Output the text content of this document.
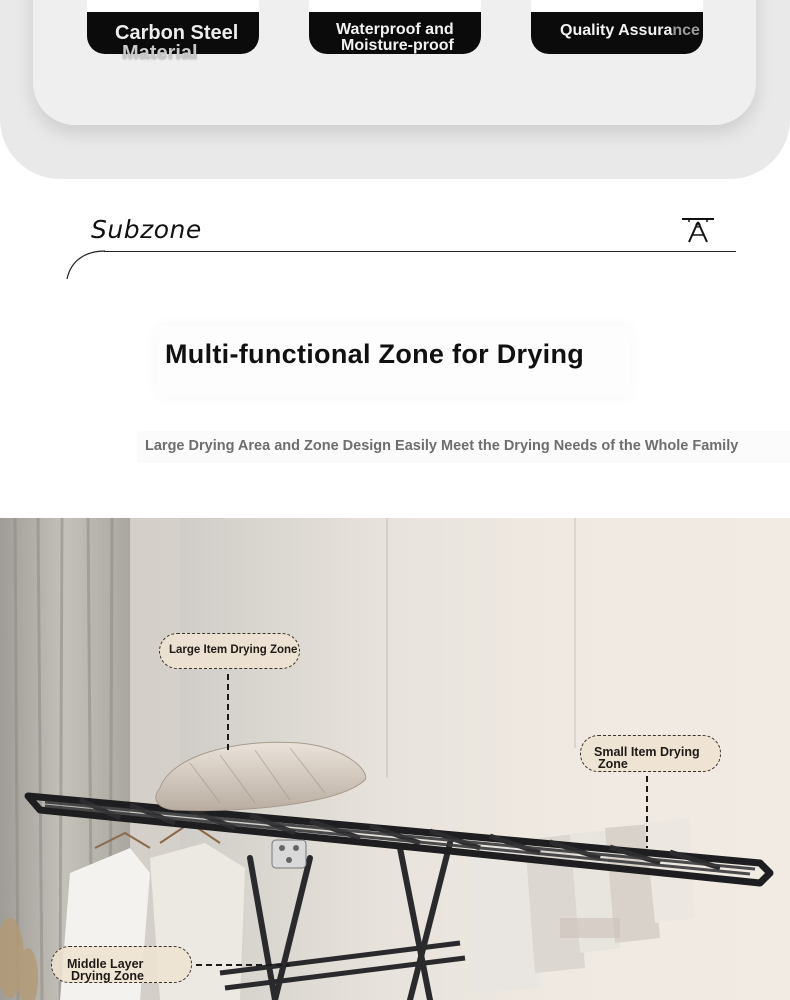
Carbon Steel
Material
Waterproof and
Moisture-proof
Quality Assurance
Subzone
Multi-functional Zone for Drying
Large Drying Area and Zone Design Easily Meet the Drying Needs of the Whole Family
Large Item Drying Zone
Small Item Drying
Zone
Middle Layer
Drying Zone
